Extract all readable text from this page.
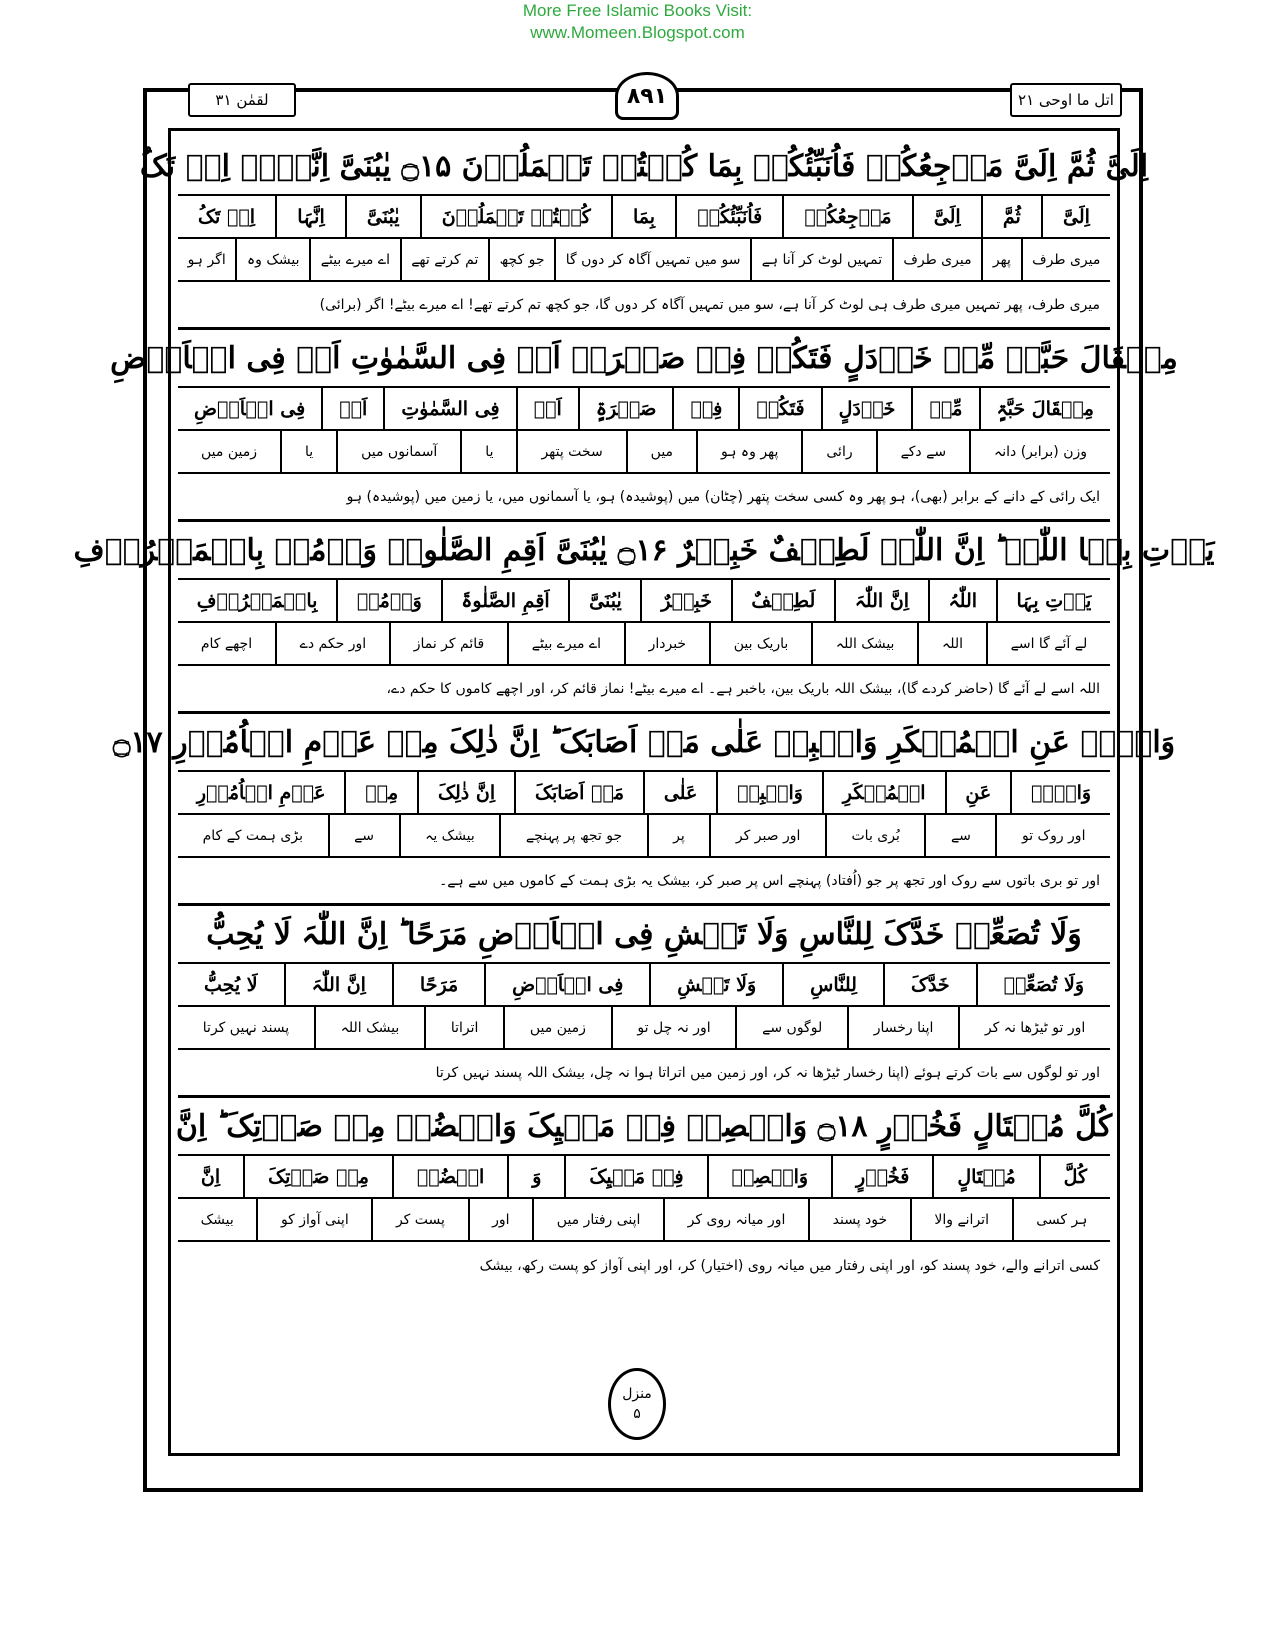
More Free Islamic Books Visit:
www.Momeen.Blogspot.com
لقمٰن ۳۱	۸۹۱	اتل ما اوحی ۲۱
اِلَیَّ ثُمَّ اِلَیَّ مَرۡجِعُکُمۡ فَاُنَبِّئُکُمۡ بِمَا کُنۡتُمۡ تَعۡمَلُوۡنَ ۝۱۵ یٰبُنَیَّ اِنَّہَاۤ اِنۡ تَکُ
اِلَیَّ
ثُمَّ
اِلَیَّ
مَرۡجِعُکُمۡ
فَاُنَبِّئُکُمۡ
بِمَا
کُنۡتُمۡ تَعۡمَلُوۡنَ
یٰبُنَیَّ
اِنَّہَا
اِنۡ تَکُ
میری طرف
پھر
میری طرف
تمہیں لوٹ کر آنا ہے
سو میں تمہیں آگاہ کر دوں گا
جو کچھ
تم کرتے تھے
اے میرے بیٹے
بیشک وہ
اگر ہو
میری طرف، پھر تمہیں میری طرف ہی لوٹ کر آنا ہے، سو میں تمہیں آگاہ کر دوں گا، جو کچھ تم کرتے تھے! اے میرے بیٹے! اگر (برائی)
مِثۡقَالَ حَبَّۃٍ مِّنۡ خَرۡدَلٍ فَتَکُنۡ فِیۡ صَخۡرَۃٍ اَوۡ فِی السَّمٰوٰتِ اَوۡ فِی الۡاَرۡضِ
مِثۡقَالَ حَبَّۃٍ
مِّنۡ
خَرۡدَلٍ
فَتَکُنۡ
فِیۡ
صَخۡرَۃٍ
اَوۡ
فِی السَّمٰوٰتِ
اَوۡ
فِی الۡاَرۡضِ
وزن (برابر) دانہ
سے دکے
رائی
پھر وہ ہو
میں
سخت پتھر
یا
آسمانوں میں
یا
زمین میں
ایک رائی کے دانے کے برابر (بھی)، ہو پھر وہ کسی سخت پتھر (چٹان) میں (پوشیدہ) ہو، یا آسمانوں میں، یا زمین میں (پوشیدہ) ہو
یَاۡتِ بِہَا اللّٰہُ ؕ اِنَّ اللّٰہَ لَطِیۡفٌ خَبِیۡرٌ ۝۱۶ یٰبُنَیَّ اَقِمِ الصَّلٰوۃَ وَاۡمُرۡ بِالۡمَعۡرُوۡفِ
یَاۡتِ بِہَا
اللّٰہُ
اِنَّ اللّٰہَ
لَطِیۡفٌ
خَبِیۡرٌ
یٰبُنَیَّ
اَقِمِ الصَّلٰوۃَ
وَاۡمُرۡ
بِالۡمَعۡرُوۡفِ
لے آئے گا اسے
اللہ
بیشک اللہ
باریک بین
خبردار
اے میرے بیٹے
قائم کر نماز
اور حکم دے
اچھے کام
اللہ اسے لے آئے گا (حاضر کردے گا)، بیشک اللہ باریک بین، باخبر ہے۔ اے میرے بیٹے! نماز قائم کر، اور اچھے کاموں کا حکم دے،
وَانۡہَ عَنِ الۡمُنۡکَرِ وَاصۡبِرۡ عَلٰی مَاۤ اَصَابَکَ ؕ اِنَّ ذٰلِکَ مِنۡ عَزۡمِ الۡاُمُوۡرِ ۝۱۷
وَانۡہَ
عَنِ
الۡمُنۡکَرِ
وَاصۡبِرۡ
عَلٰی
مَاۤ اَصَابَکَ
اِنَّ ذٰلِکَ
مِنۡ
عَزۡمِ الۡاُمُوۡرِ
اور روک تو
سے
بُری بات
اور صبر کر
پر
جو تجھ پر پہنچے
بیشک یہ
سے
بڑی ہمت کے کام
اور تو بری باتوں سے روک اور تجھ پر جو (اُفتاد) پہنچے اس پر صبر کر، بیشک یہ بڑی ہمت کے کاموں میں سے ہے۔
وَلَا تُصَعِّرۡ خَدَّکَ لِلنَّاسِ وَلَا تَمۡشِ فِی الۡاَرۡضِ مَرَحًا ؕ اِنَّ اللّٰہَ لَا یُحِبُّ
وَلَا تُصَعِّرۡ
خَدَّکَ
لِلنَّاسِ
وَلَا تَمۡشِ
فِی الۡاَرۡضِ
مَرَحًا
اِنَّ اللّٰہَ
لَا یُحِبُّ
اور تو ٹیڑھا نہ کر
اپنا رخسار
لوگوں سے
اور نہ چل تو
زمین میں
اتراتا
بیشک اللہ
پسند نہیں کرتا
اور تو لوگوں سے بات کرتے ہوئے (اپنا رخسار ٹیڑھا نہ کر، اور زمین میں اتراتا ہوا نہ چل، بیشک اللہ پسند نہیں کرتا
کُلَّ مُخۡتَالٍ فَخُوۡرٍ ۝۱۸ وَاقۡصِدۡ فِیۡ مَشۡیِکَ وَاغۡضُضۡ مِنۡ صَوۡتِکَ ؕ اِنَّ
کُلَّ
مُخۡتَالٍ
فَخُوۡرٍ
وَاقۡصِدۡ
فِیۡ مَشۡیِکَ
وَ
اغۡضُضۡ
مِنۡ صَوۡتِکَ
اِنَّ
ہر کسی
اترانے والا
خود پسند
اور میانہ روی کر
اپنی رفتار میں
اور
پست کر
اپنی آواز کو
بیشک
کسی اترانے والے، خود پسند کو، اور اپنی رفتار میں میانہ روی (اختیار) کر، اور اپنی آواز کو پست رکھ، بیشک
منزل
۵
